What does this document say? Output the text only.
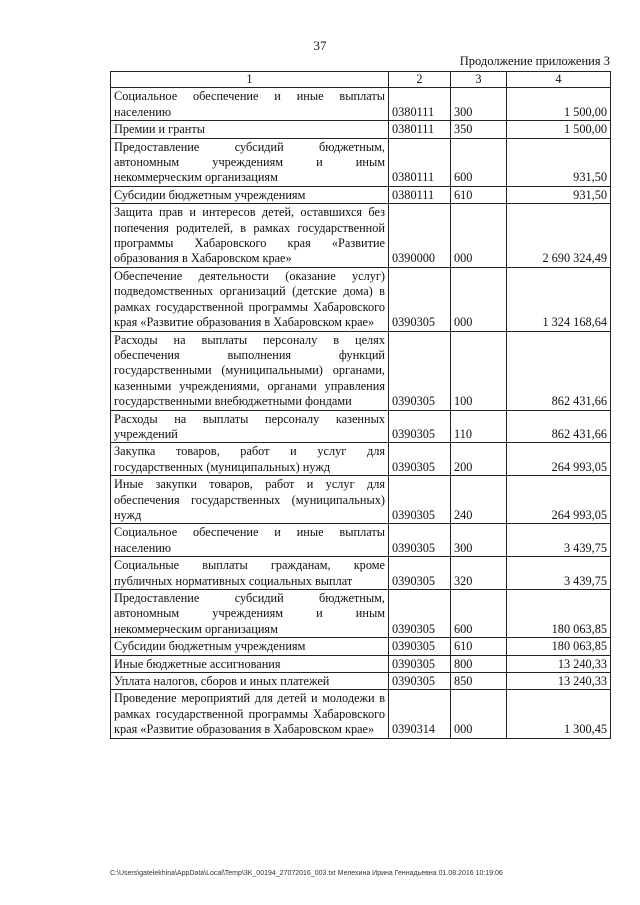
37
Продолжение приложения 3
1	2	3	4
Социальное обеспечение и иные выплаты населению	0380111	300	1 500,00
Премии и гранты	0380111	350	1 500,00
Предоставление субсидий бюджетным, автономным учреждениям и иным некоммерческим организациям	0380111	600	931,50
Субсидии бюджетным учреждениям	0380111	610	931,50
Защита прав и интересов детей, оставшихся без попечения родителей, в рамках государственной программы Хабаровского края «Развитие образования в Хабаровском крае»	0390000	000	2 690 324,49
Обеспечение деятельности (оказание услуг) подведомственных организаций (детские дома) в рамках государственной программы Хабаровского края «Развитие образования в Хабаровском крае»	0390305	000	1 324 168,64
Расходы на выплаты персоналу в целях обеспечения выполнения функций государственными (муниципальными) органами, казенными учреждениями, органами управления государственными внебюджетными фондами	0390305	100	862 431,66
Расходы на выплаты персоналу казенных учреждений	0390305	110	862 431,66
Закупка товаров, работ и услуг для государственных (муниципальных) нужд	0390305	200	264 993,05
Иные закупки товаров, работ и услуг для обеспечения государственных (муниципальных) нужд	0390305	240	264 993,05
Социальное обеспечение и иные выплаты населению	0390305	300	3 439,75
Социальные выплаты гражданам, кроме публичных нормативных социальных выплат	0390305	320	3 439,75
Предоставление субсидий бюджетным, автономным учреждениям и иным некоммерческим организациям	0390305	600	180 063,85
Субсидии бюджетным учреждениям	0390305	610	180 063,85
Иные бюджетные ассигнования	0390305	800	13 240,33
Уплата налогов, сборов и иных платежей	0390305	850	13 240,33
Проведение мероприятий для детей и молодежи в рамках государственной программы Хабаровского края «Развитие образования в Хабаровском крае»	0390314	000	1 300,45
C:\Users\gatelekhina\AppData\Local\Temp\3K_00194_27072016_003.txt Мелехина Ирина Геннадьевна 01.08.2016 10:19:06
